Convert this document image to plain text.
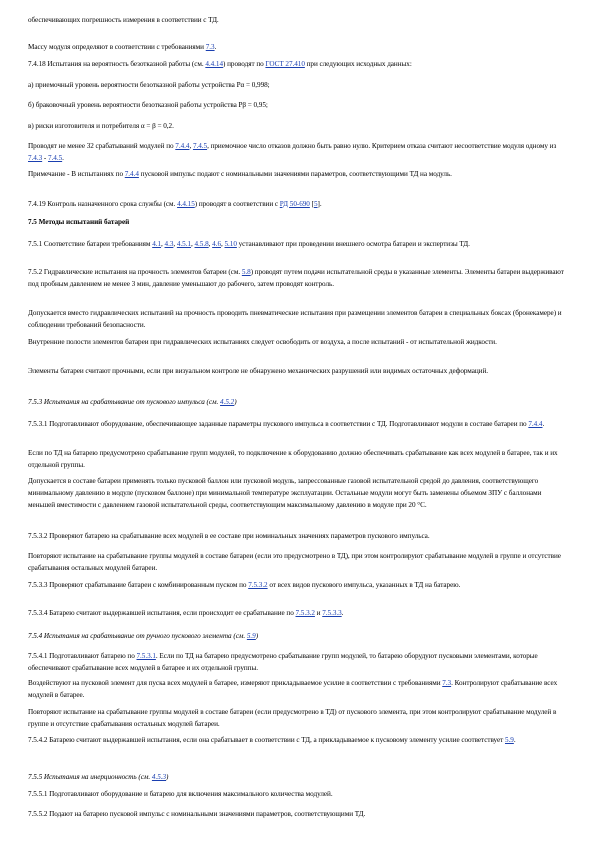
обеспечивающих погрешность измерения в соответствии с ТД.
Массу модуля определяют в соответствии с требованиями 7.3.
7.4.18 Испытания на вероятность безотказной работы (см. 4.4.14) проводят по ГОСТ 27.410 при следующих исходных данных:
а) приемочный уровень вероятности безотказной работы устройства Рα = 0,998;
б) браковочный уровень вероятности безотказной работы устройства Рβ = 0,95;
в) риски изготовителя и потребителя α = β = 0,2.
Проводят не менее 32 срабатываний модулей по 7.4.4, 7.4.5, приемочное число отказов должно быть равно нулю. Критерием отказа считают несоответствие модуля одному из 7.4.3 - 7.4.5.
Примечание - В испытаниях по 7.4.4 пусковой импульс подают с номинальными значениями параметров, соответствующими ТД на модуль.
7.4.19 Контроль назначенного срока службы (см. 4.4.15) проводят в соответствии с РД 50-690 [5].
7.5 Методы испытаний батарей
7.5.1 Соответствие батареи требованиям 4.1, 4.3, 4.5.1, 4.5.8, 4.6, 5.10 устанавливают при проведении внешнего осмотра батареи и экспертизы ТД.
7.5.2 Гидравлические испытания на прочность элементов батареи (см. 5.8) проводят путем подачи испытательной среды в указанные элементы. Элементы батареи выдерживают под пробным давлением не менее 3 мин, давление уменьшают до рабочего, затем проводят контроль.
Допускается вместо гидравлических испытаний на прочность проводить пневматические испытания при размещении элементов батареи в специальных боксах (бронекамере) и соблюдении требований безопасности.
Внутренние полости элементов батареи при гидравлических испытаниях следует освободить от воздуха, а после испытаний - от испытательной жидкости.
Элементы батареи считают прочными, если при визуальном контроле не обнаружено механических разрушений или видимых остаточных деформаций.
7.5.3 Испытания на срабатывание от пускового импульса (см. 4.5.2)
7.5.3.1 Подготавливают оборудование, обеспечивающее заданные параметры пускового импульса в соответствии с ТД. Подготавливают модули в составе батареи по 7.4.4.
Если по ТД на батарею предусмотрено срабатывание групп модулей, то подключение к оборудованию должно обеспечивать срабатывание как всех модулей в батарее, так и их отдельной группы.
Допускается в составе батареи применять только пусковой баллон или пусковой модуль, запрессованные газовой испытательной средой до давления, соответствующего минимальному давлению в модуле (пусковом баллоне) при минимальной температуре эксплуатации. Остальные модули могут быть заменены объемом ЗПУ с баллонами меньшей вместимости с давлением газовой испытательной среды, соответствующим максимальному давлению в модуле при 20 °С.
7.5.3.2 Проверяют батарею на срабатывание всех модулей в ее составе при номинальных значениях параметров пускового импульса.
Повторяют испытание на срабатывание группы модулей в составе батареи (если это предусмотрено в ТД), при этом контролируют срабатывание модулей в группе и отсутствие срабатывания остальных модулей батареи.
7.5.3.3 Проверяют срабатывание батареи с комбинированным пуском по 7.5.3.2 от всех видов пускового импульса, указанных в ТД на батарею.
7.5.3.4 Батарею считают выдержавшей испытания, если происходит ее срабатывание по 7.5.3.2 и 7.5.3.3.
7.5.4 Испытания на срабатывание от ручного пускового элемента (см. 5.9)
7.5.4.1 Подготавливают батарею по 7.5.3.1. Если по ТД на батарею предусмотрено срабатывание групп модулей, то батарею оборудуют пусковыми элементами, которые обеспечивают срабатывание всех модулей в батарее и их отдельной группы.
Воздействуют на пусковой элемент для пуска всех модулей в батарее, измеряют прикладываемое усилие в соответствии с требованиями 7.3. Контролируют срабатывание всех модулей в батарее.
Повторяют испытание на срабатывание группы модулей в составе батареи (если предусмотрено в ТД) от пускового элемента, при этом контролируют срабатывание модулей в группе и отсутствие срабатывания остальных модулей батареи.
7.5.4.2 Батарею считают выдержавшей испытания, если она срабатывает в соответствии с ТД, а прикладываемое к пусковому элементу усилие соответствует 5.9.
7.5.5 Испытания на инерционность (см. 4.5.3)
7.5.5.1 Подготавливают оборудование и батарею для включения максимального количества модулей.
7.5.5.2 Подают на батарею пусковой импульс с номинальными значениями параметров, соответствующими ТД.
